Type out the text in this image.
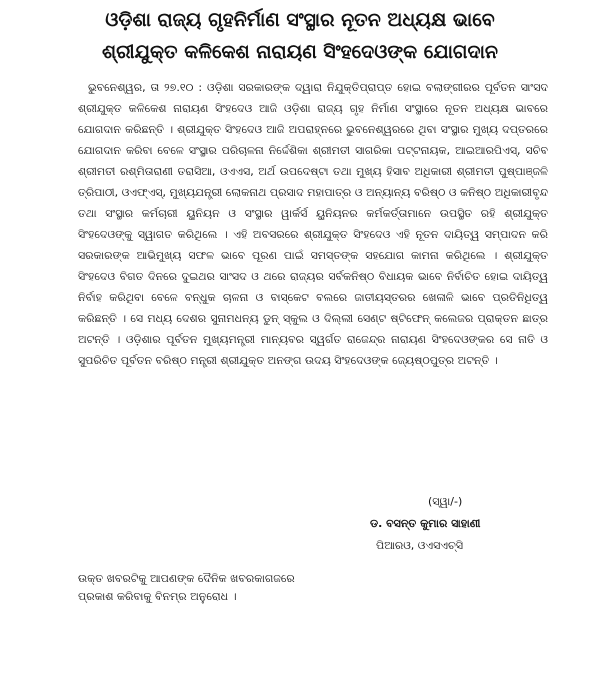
ଓଡ଼ିଶା ରାଜ୍ୟ ଗୃହନିର୍ମାଣ ସଂସ୍ଥାର ନୂତନ ଅଧ୍ୟକ୍ଷ ଭାବେ
ଶ୍ରୀଯୁକ୍ତ କଳିକେଶ ନାରାୟଣ ସିଂହଦେଓଙ୍କ ଯୋଗଦାନ

ଭୁବନେଶ୍ୱର, ତା ୨୭.୧୦ : ଓଡ଼ିଶା ସରକାରଙ୍କ ଦ୍ୱାରା ନିଯୁକ୍ତିପ୍ରାପ୍ତ ହୋଇ ବଲାଙ୍ଗୀରର ପୂର୍ବତନ ସାଂସଦ ଶ୍ରୀଯୁକ୍ତ କଳିକେଶ ନାରାୟଣ ସିଂହଦେଓ ଆଜି ଓଡ଼ିଶା ରାଜ୍ୟ ଗୃହ ନିର୍ମାଣ ସଂସ୍ଥାରେ ନୂତନ ଅଧ୍ୟକ୍ଷ ଭାବରେ ଯୋଗଦାନ କରିଛନ୍ତି । ଶ୍ରୀଯୁକ୍ତ ସିଂହଦେଓ ଆଜି ଅପରାହ୍ନରେ ଭୁବନେଶ୍ୱରରେ ଥିବା ସଂସ୍ଥାର ମୁଖ୍ୟ ଦପ୍ତରରେ ଯୋଗଦାନ କରିବା ବେଳେ ସଂସ୍ଥାର ପରିଚାଳନା ନିର୍ଦ୍ଦେଶିକା ଶ୍ରୀମତୀ ସାଗରିକା ପଟ୍ଟନାୟକ, ଆଇଆରପିଏସ୍, ସଚିବ ଶ୍ରୀମତୀ ରଶ୍ମିତାରାଣୀ ତରାସିଆ, ଓଏଏସ, ଅର୍ଥ ଉପଦେଷ୍ଟା ତଥା ମୁଖ୍ୟ ହିସାବ ଅଧିକାରୀ ଶ୍ରୀମତୀ ପୁଷ୍ପାଞ୍ଜଳି ତ୍ରିପାଠୀ, ଓଏଫ୍ଏସ୍, ମୁଖ୍ୟଯନ୍ତ୍ରୀ ଲୋକନାଥ ପ୍ରସାଦ ମହାପାତ୍ର ଓ ଅନ୍ୟାନ୍ୟ ବରିଷ୍ଠ ଓ କନିଷ୍ଠ ଅଧିକାରୀବୃନ୍ଦ ତଥା ସଂସ୍ଥାର କର୍ମଚାରୀ ୟୁନିୟନ ଓ ସଂସ୍ଥାର ୱାର୍କର୍ସ ୟୁନିୟନର କର୍ମକର୍ତ୍ତାମାନେ ଉପସ୍ଥିତ ରହି ଶ୍ରୀଯୁକ୍ତ ସିଂହଦେଓଙ୍କୁ ସ୍ୱାଗତ କରିଥିଲେ । ଏହି ଅବସରରେ ଶ୍ରୀଯୁକ୍ତ ସିଂହଦେଓ ଏହି ନୂତନ ଦାୟିତ୍ୱ ସମ୍ପାଦନ କରି ସରକାରଙ୍କ ଆଭିମୁଖ୍ୟ ସଫଳ ଭାବେ ପୂରଣ ପାଇଁ ସମସ୍ତଙ୍କ ସହଯୋଗ କାମନା କରିଥିଲେ । ଶ୍ରୀଯୁକ୍ତ ସିଂହଦେଓ ବିଗତ ଦିନରେ ଦୁଇଥର ସାଂସଦ ଓ ଥରେ ରାଜ୍ୟର ସର୍ବକନିଷ୍ଠ ବିଧାୟକ ଭାବେ ନିର୍ବାଚିତ ହୋଇ ଦାୟିତ୍ୱ ନିର୍ବାହ କରିଥିବା ବେଳେ ବନ୍ଧୁକ ଚାଳନା ଓ ବାସ୍କେଟ ବଲରେ ଜାତୀୟସ୍ତରର ଖେଳାଳି ଭାବେ ପ୍ରତିନିଧିତ୍ୱ କରିଛନ୍ତି । ସେ ମଧ୍ୟ ଦେଶର ସୁନାମଧନ୍ୟ ଡୁନ୍ ସ୍କୁଲ ଓ ଦିଲ୍ଲୀ ସେଣ୍ଟ ଷ୍ଟିଫେନ୍ କଲେଜର ପ୍ରାକ୍ତନ ଛାତ୍ର ଅଟନ୍ତି । ଓଡ଼ିଶାର ପୂର୍ବତନ ମୁଖ୍ୟମନ୍ତ୍ରୀ ମାନ୍ୟବର ସ୍ୱର୍ଗତ ରାଜେନ୍ଦ୍ର ନାରାୟଣ ସିଂହଦେଓଙ୍କର ସେ ନାତି ଓ ସୁପରିଚିତ ପୂର୍ବତନ ବରିଷ୍ଠ ମନ୍ତ୍ରୀ ଶ୍ରୀଯୁକ୍ତ ଅନଙ୍ଗ ଉଦୟ ସିଂହଦେଓଙ୍କ ଜ୍ୟେଷ୍ଠପୁତ୍ର ଅଟନ୍ତି ।

(ସ୍ୱା/-)
ଡ. ବସନ୍ତ କୁମାର ସାହାଣୀ
ପିଆରଓ, ଓଏସଏଚ୍‌ସି
ଉକ୍ତ ଖବରଟିକୁ ଆପଣଙ୍କ ଦୈନିକ ଖବରକାଗଜରେ
ପ୍ରକାଶ କରିବାକୁ ବିନମ୍ର ଅନୁରୋଧ ।
